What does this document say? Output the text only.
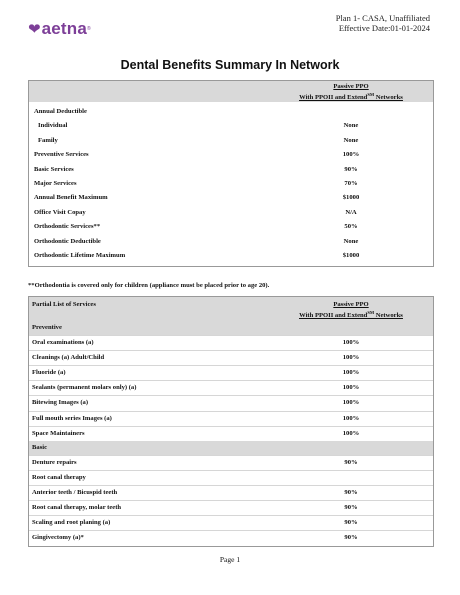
❤ aetna ®
Plan 1- CASA, Unaffiliated
Effective Date:01-01-2024
Dental Benefits Summary In Network
Passive PPO
With PPOII and Extend℠ Networks
Annual Deductible
Individual	None
Family	None
Preventive Services	100%
Basic Services	90%
Major Services	70%
Annual Benefit Maximum	$1000
Office Visit Copay	N/A
Orthodontic Services**	50%
Orthodontic Deductible	None
Orthodontic Lifetime Maximum	$1000
**Orthodontia is covered only for children (appliance must be placed prior to age 20).
Partial List of Services	Passive PPO
With PPOII and Extend℠ Networks
Preventive
Oral examinations (a)	100%
Cleanings (a) Adult/Child	100%
Fluoride (a)	100%
Sealants (permanent molars only) (a)	100%
Bitewing Images (a)	100%
Full mouth series Images (a)	100%
Space Maintainers	100%
Basic
Denture repairs	90%
Root canal therapy
Anterior teeth / Bicuspid teeth	90%
Root canal therapy, molar teeth	90%
Scaling and root planing (a)	90%
Gingivectomy (a)*	90%
Page 1
